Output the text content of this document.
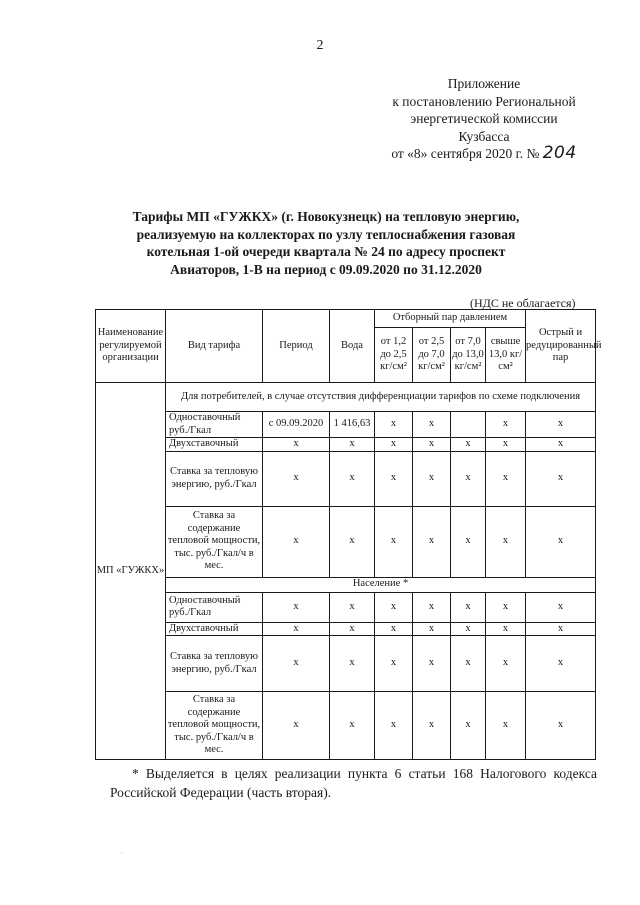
2
Приложение
к постановлению Региональной
энергетической комиссии
Кузбасса
от «8» сентября 2020 г. № 204
Тарифы МП «ГУЖКХ» (г. Новокузнецк) на тепловую энергию, реализуемую на коллекторах по узлу теплоснабжения газовая котельная 1-ой очереди квартала № 24 по адресу проспект Авиаторов, 1-В на период с 09.09.2020 по 31.12.2020
(НДС не облагается)
Наименование регулируемой организации	Вид тарифа	Период	Вода	Отборный пар давлением				Острый и редуцированный пар
				от 1,2 до 2,5 кг/см²	от 2,5 до 7,0 кг/см²	от 7,0 до 13,0 кг/см²	свыше 13,0 кг/см²	
МП «ГУЖКХ»	Для потребителей, в случае отсутствия дифференциации тарифов по схеме подключения							
	Одноставочный руб./Гкал	с 09.09.2020	1 416,63	x	x		x	x
	Двухставочный	x	x	x	x	x	x	x
	Ставка за тепловую энергию, руб./Гкал	x	x	x	x	x	x	x
	Ставка за содержание тепловой мощности, тыс. руб./Гкал/ч в мес.	x	x	x	x	x	x	x
	Население *							
	Одноставочный руб./Гкал	x	x	x	x	x	x	x
	Двухставочный	x	x	x	x	x	x	x
	Ставка за тепловую энергию, руб./Гкал	x	x	x	x	x	x	x
	Ставка за содержание тепловой мощности, тыс. руб./Гкал/ч в мес.	x	x	x	x	x	x	x
* Выделяется в целях реализации пункта 6 статьи 168 Налогового кодекса Российской Федерации (часть вторая).
`
